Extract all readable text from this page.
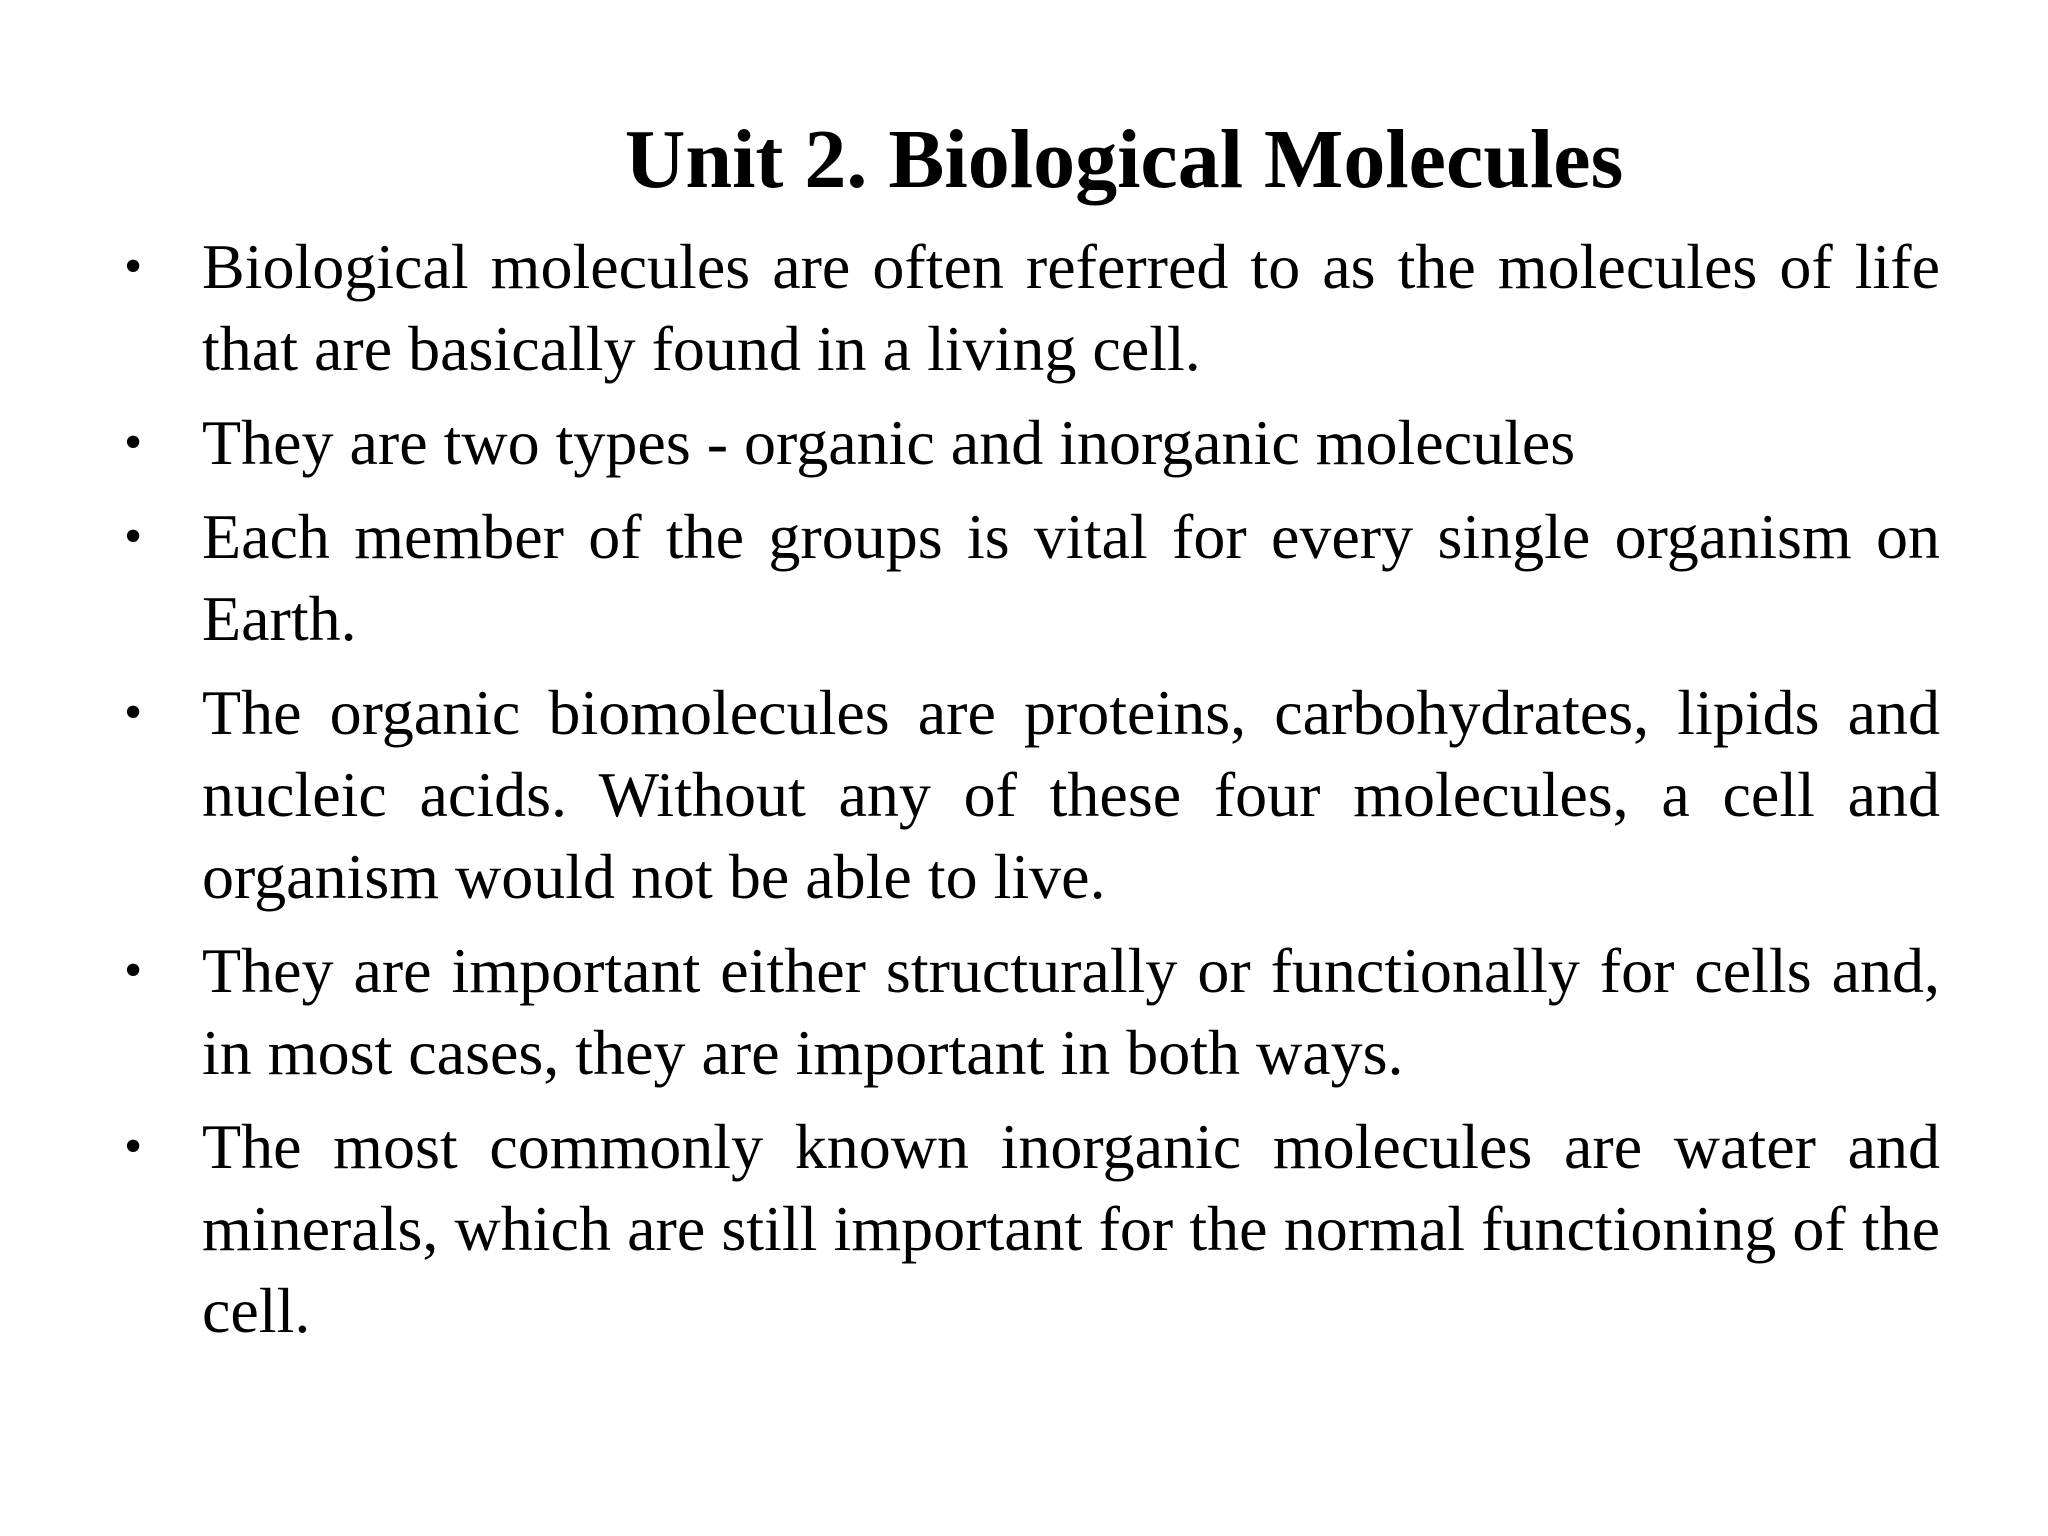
Unit 2. Biological Molecules
• Biological molecules are often referred to as the molecules of life that are basically found in a living cell.
• They are two types - organic and inorganic molecules
• Each member of the groups is vital for every single organism on Earth.
• The organic biomolecules are proteins, carbohydrates, lipids and nucleic acids. Without any of these four molecules, a cell and organism would not be able to live.
• They are important either structurally or functionally for cells and, in most cases, they are important in both ways.
• The most commonly known inorganic molecules are water and minerals, which are still important for the normal functioning of the cell.
